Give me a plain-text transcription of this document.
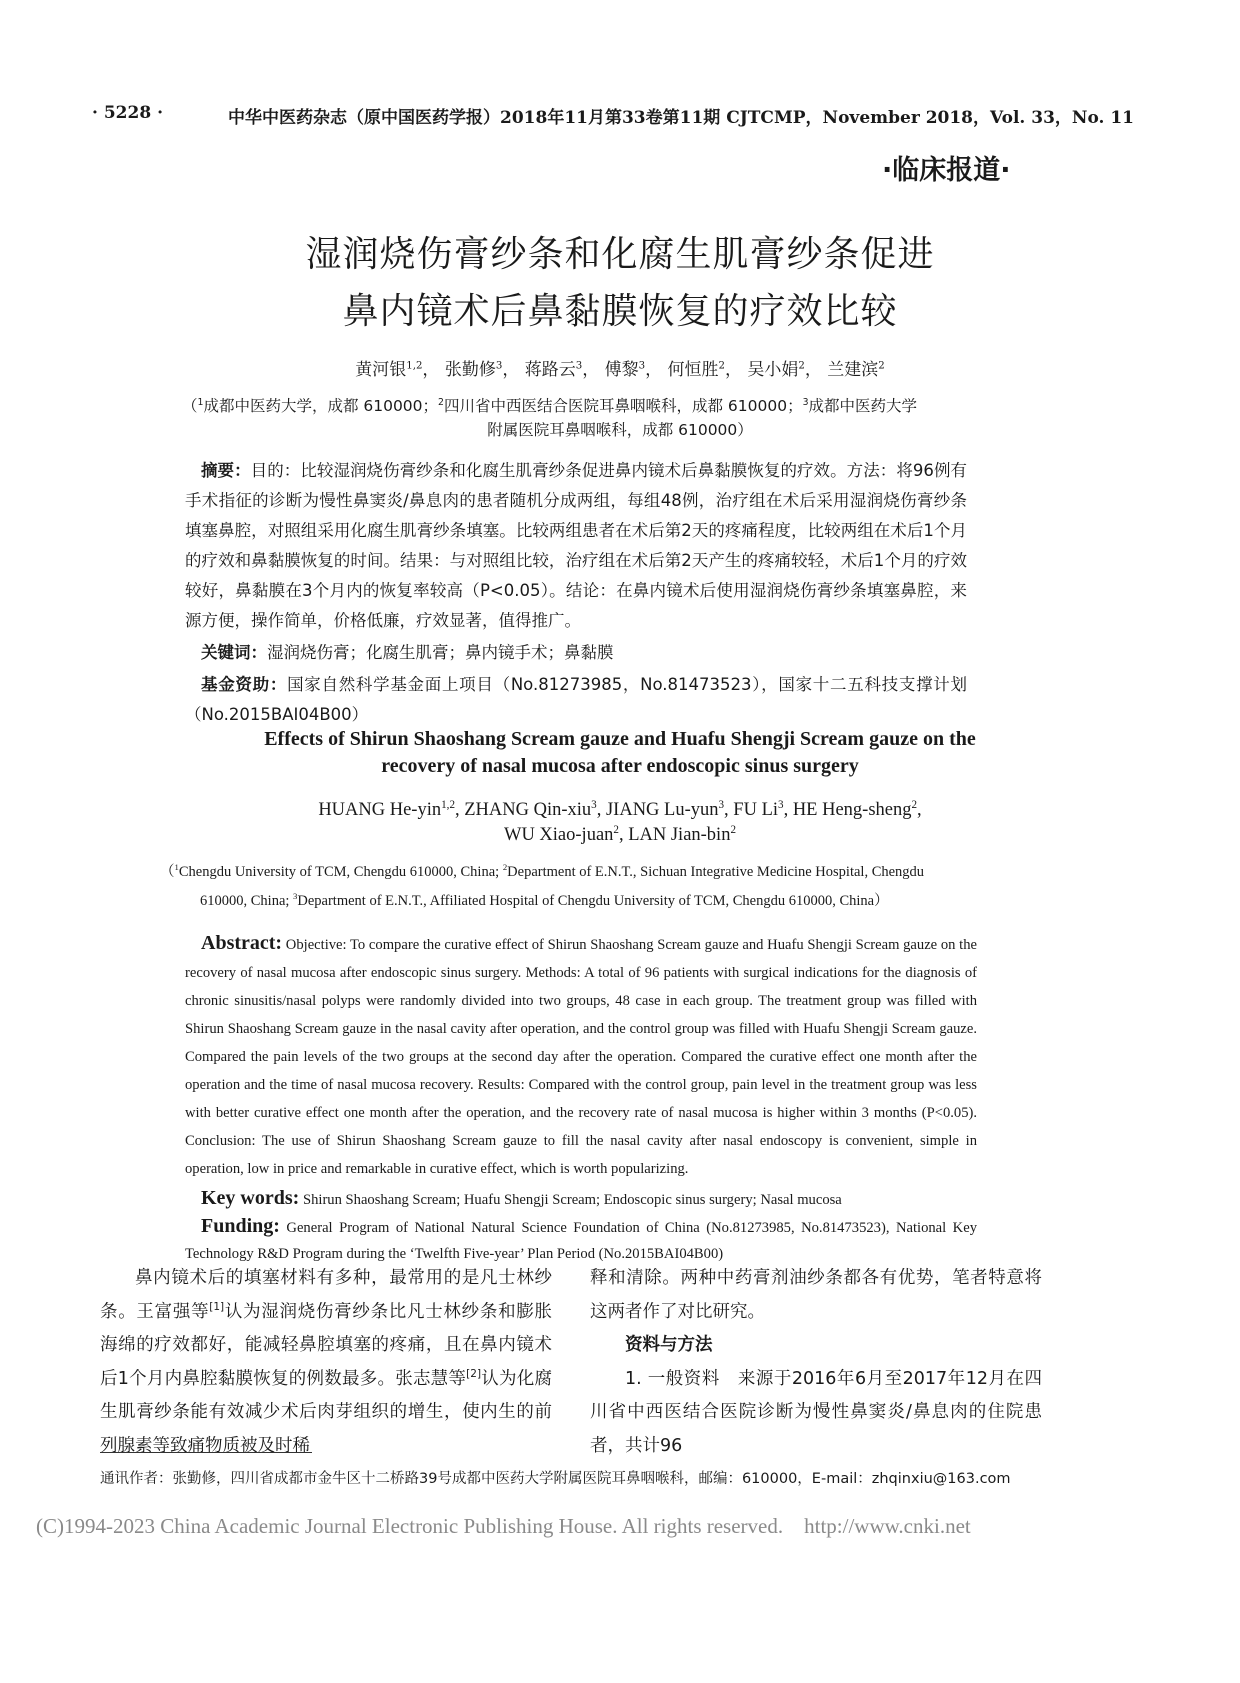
· 5228 ·	中华中医药杂志（原中国医药学报）2018年11月第33卷第11期 CJTCMP，November 2018，Vol. 33，No. 11
·临床报道·
湿润烧伤膏纱条和化腐生肌膏纱条促进
鼻内镜术后鼻黏膜恢复的疗效比较
黄河银$^{1,2}$， 张勤修$^3$， 蒋路云$^3$， 傅黎$^3$， 何恒胜$^2$， 吴小娟$^2$， 兰建滨$^2$
（$^1$成都中医药大学，成都 610000；$^2$四川省中西医结合医院耳鼻咽喉科，成都 610000；$^3$成都中医药大学
附属医院耳鼻咽喉科，成都 610000）

摘要：目的：比较湿润烧伤膏纱条和化腐生肌膏纱条促进鼻内镜术后鼻黏膜恢复的疗效。方法：将96例有手术指征的诊断为慢性鼻窦炎/鼻息肉的患者随机分成两组，每组48例，治疗组在术后采用湿润烧伤膏纱条填塞鼻腔，对照组采用化腐生肌膏纱条填塞。比较两组患者在术后第2天的疼痛程度，比较两组在术后1个月的疗效和鼻黏膜恢复的时间。结果：与对照组比较，治疗组在术后第2天产生的疼痛较轻，术后1个月的疗效较好，鼻黏膜在3个月内的恢复率较高（P<0.05）。结论：在鼻内镜术后使用湿润烧伤膏纱条填塞鼻腔，来源方便，操作简单，价格低廉，疗效显著，值得推广。

关键词：湿润烧伤膏；化腐生肌膏；鼻内镜手术；鼻黏膜

基金资助：国家自然科学基金面上项目（No.81273985，No.81473523），国家十二五科技支撑计划（No.2015BAI04B00）

Effects of Shirun Shaoshang Scream gauze and Huafu Shengji Scream gauze on the
recovery of nasal mucosa after endoscopic sinus surgery
HUANG He-yin$^{1,2}$, ZHANG Qin-xiu$^3$, JIANG Lu-yun$^3$, FU Li$^3$, HE Heng-sheng$^2$,
WU Xiao-juan$^2$, LAN Jian-bin$^2$
（$^1$Chengdu University of TCM, Chengdu 610000, China; $^2$Department of E.N.T., Sichuan Integrative Medicine Hospital, Chengdu
610000, China; $^3$Department of E.N.T., Affiliated Hospital of Chengdu University of TCM, Chengdu 610000, China）

Abstract: Objective: To compare the curative effect of Shirun Shaoshang Scream gauze and Huafu Shengji Scream gauze on the recovery of nasal mucosa after endoscopic sinus surgery. Methods: A total of 96 patients with surgical indications for the diagnosis of chronic sinusitis/nasal polyps were randomly divided into two groups, 48 case in each group. The treatment group was filled with Shirun Shaoshang Scream gauze in the nasal cavity after operation, and the control group was filled with Huafu Shengji Scream gauze. Compared the pain levels of the two groups at the second day after the operation. Compared the curative effect one month after the operation and the time of nasal mucosa recovery. Results: Compared with the control group, pain level in the treatment group was less with better curative effect one month after the operation, and the recovery rate of nasal mucosa is higher within 3 months (P<0.05). Conclusion: The use of Shirun Shaoshang Scream gauze to fill the nasal cavity after nasal endoscopy is convenient, simple in operation, low in price and remarkable in curative effect, which is worth popularizing.

Key words: Shirun Shaoshang Scream; Huafu Shengji Scream; Endoscopic sinus surgery; Nasal mucosa

Funding: General Program of National Natural Science Foundation of China (No.81273985, No.81473523), National Key Technology R&D Program during the ‘Twelfth Five-year’ Plan Period (No.2015BAI04B00)

鼻内镜术后的填塞材料有多种，最常用的是凡士林纱条。王富强等[1]认为湿润烧伤膏纱条比凡士林纱条和膨胀海绵的疗效都好，能减轻鼻腔填塞的疼痛，且在鼻内镜术后1个月内鼻腔黏膜恢复的例数最多。张志慧等[2]认为化腐生肌膏纱条能有效减少术后肉芽组织的增生，使内生的前列腺素等致痛物质被及时稀

释和清除。两种中药膏剂油纱条都各有优势，笔者特意将这两者作了对比研究。

资料与方法

1. 一般资料　来源于2016年6月至2017年12月在四川省中西医结合医院诊断为慢性鼻窦炎/鼻息肉的住院患者，共计96

通讯作者：张勤修，四川省成都市金牛区十二桥路39号成都中医药大学附属医院耳鼻咽喉科，邮编：610000，E-mail：zhqinxiu@163.com
(C)1994-2023 China Academic Journal Electronic Publishing House. All rights reserved.    http://www.cnki.net
